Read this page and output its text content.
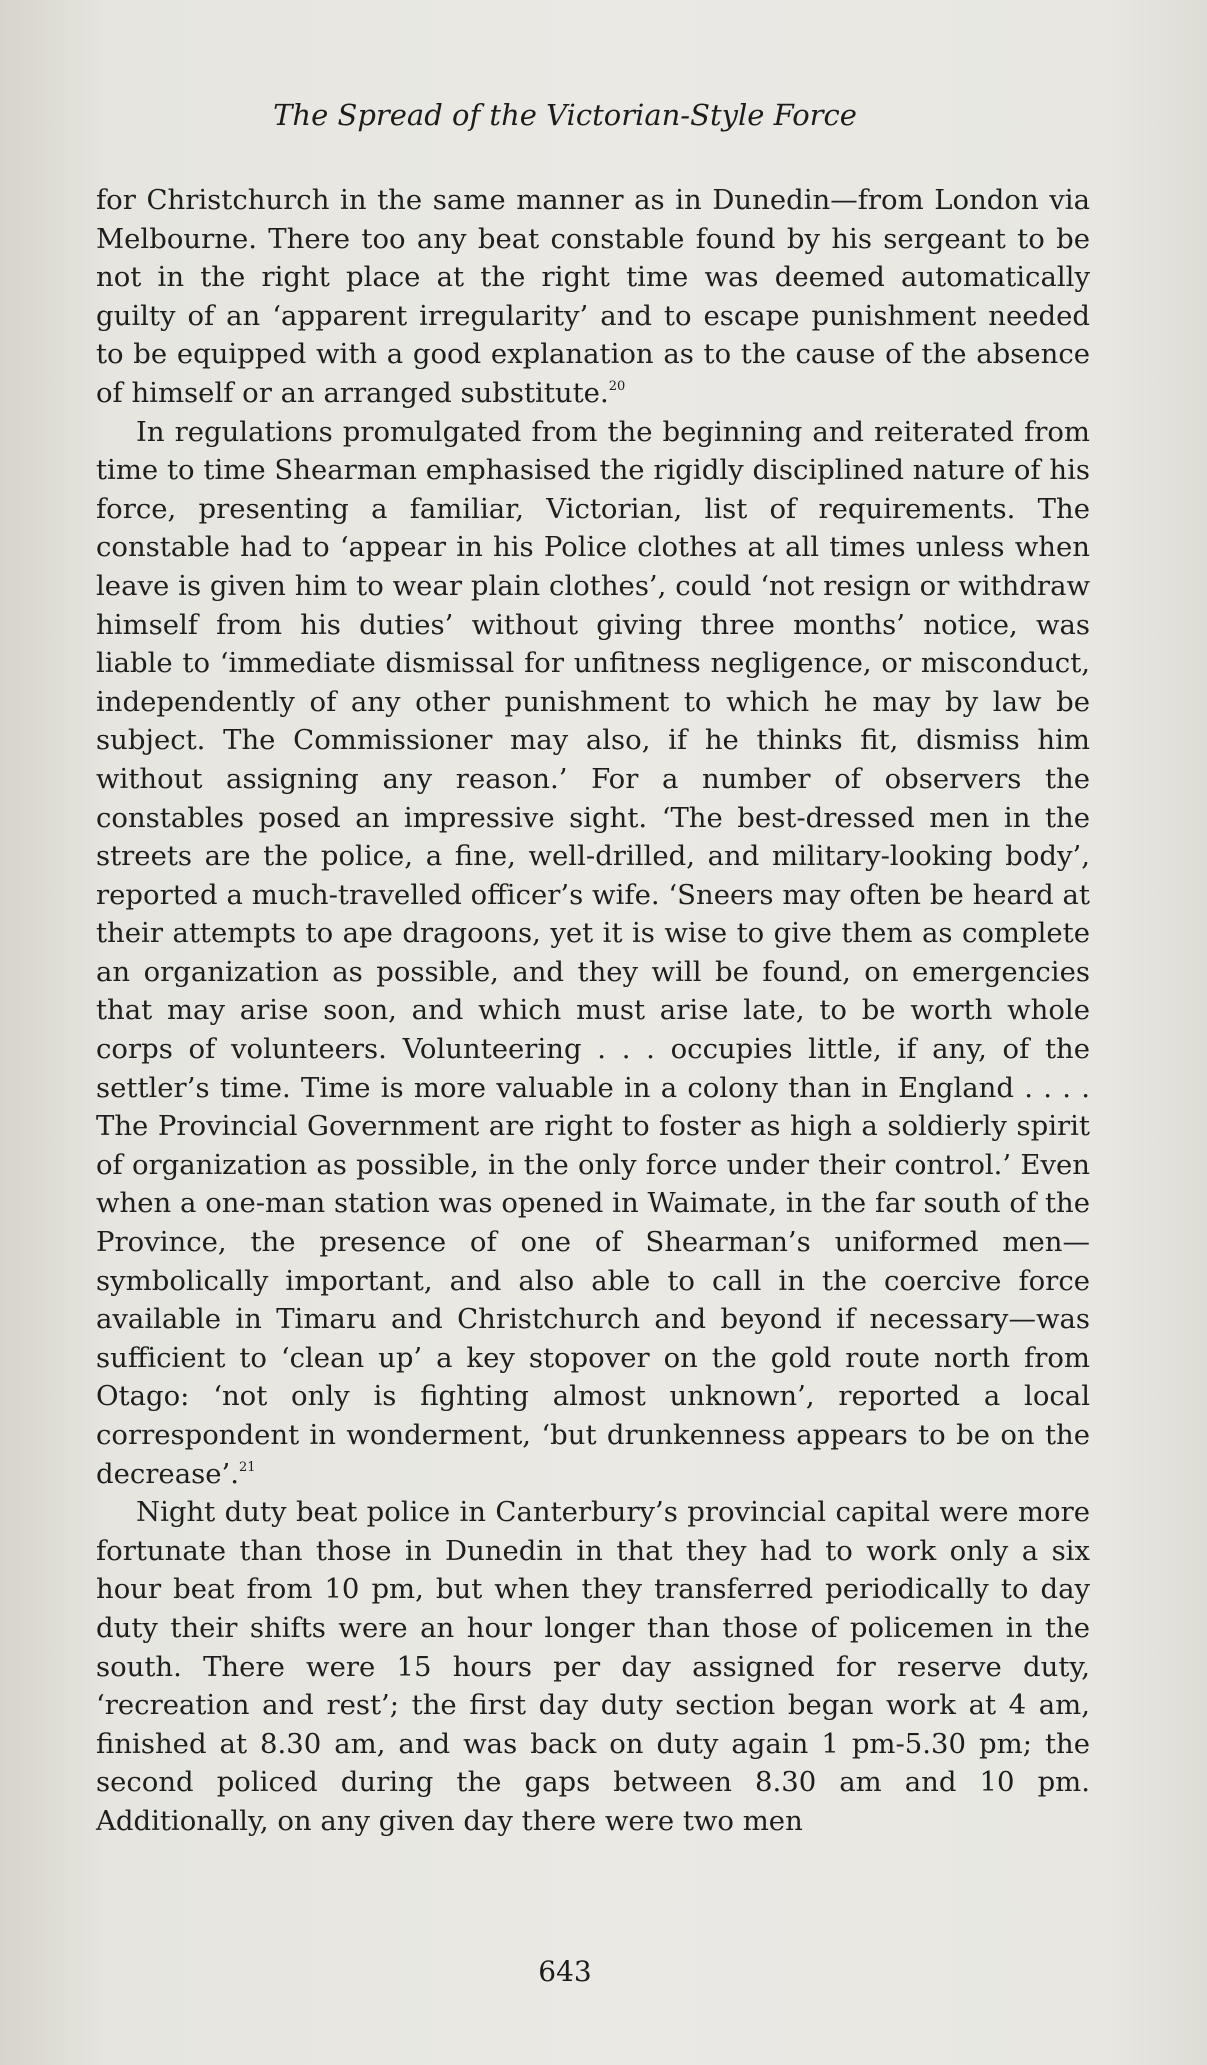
The Spread of the Victorian-Style Force

for Christchurch in the same manner as in Dunedin—from London via Melbourne. There too any beat constable found by his sergeant to be not in the right place at the right time was deemed automatically guilty of an ‘apparent irregularity’ and to escape punishment needed to be equipped with a good explanation as to the cause of the absence of himself or an arranged substitute.$^{20}$

In regulations promulgated from the beginning and reiterated from time to time Shearman emphasised the rigidly disciplined nature of his force, presenting a familiar, Victorian, list of requirements. The constable had to ‘appear in his Police clothes at all times unless when leave is given him to wear plain clothes’, could ‘not resign or withdraw himself from his duties’ without giving three months’ notice, was liable to ‘immediate dismissal for unfitness negligence, or misconduct, independently of any other punishment to which he may by law be subject. The Commissioner may also, if he thinks fit, dismiss him without assigning any reason.’ For a number of observers the constables posed an impressive sight. ‘The best-dressed men in the streets are the police, a fine, well-drilled, and military-looking body’, reported a much-travelled officer’s wife. ‘Sneers may often be heard at their attempts to ape dragoons, yet it is wise to give them as complete an organization as possible, and they will be found, on emergencies that may arise soon, and which must arise late, to be worth whole corps of volunteers. Volunteering . . . occupies little, if any, of the settler’s time. Time is more valuable in a colony than in England . . . . The Provincial Government are right to foster as high a soldierly spirit of organization as possible, in the only force under their control.’ Even when a one-man station was opened in Waimate, in the far south of the Province, the presence of one of Shearman’s uniformed men—symbolically important, and also able to call in the coercive force available in Timaru and Christchurch and beyond if necessary—was sufficient to ‘clean up’ a key stopover on the gold route north from Otago: ‘not only is fighting almost unknown’, reported a local correspondent in wonderment, ‘but drunkenness appears to be on the decrease’.$^{21}$

Night duty beat police in Canterbury’s provincial capital were more fortunate than those in Dunedin in that they had to work only a six hour beat from 10 pm, but when they transferred periodically to day duty their shifts were an hour longer than those of policemen in the south. There were 15 hours per day assigned for reserve duty, ‘recreation and rest’; the first day duty section began work at 4 am, finished at 8.30 am, and was back on duty again 1 pm-5.30 pm; the second policed during the gaps between 8.30 am and 10 pm. Additionally, on any given day there were two men

643
